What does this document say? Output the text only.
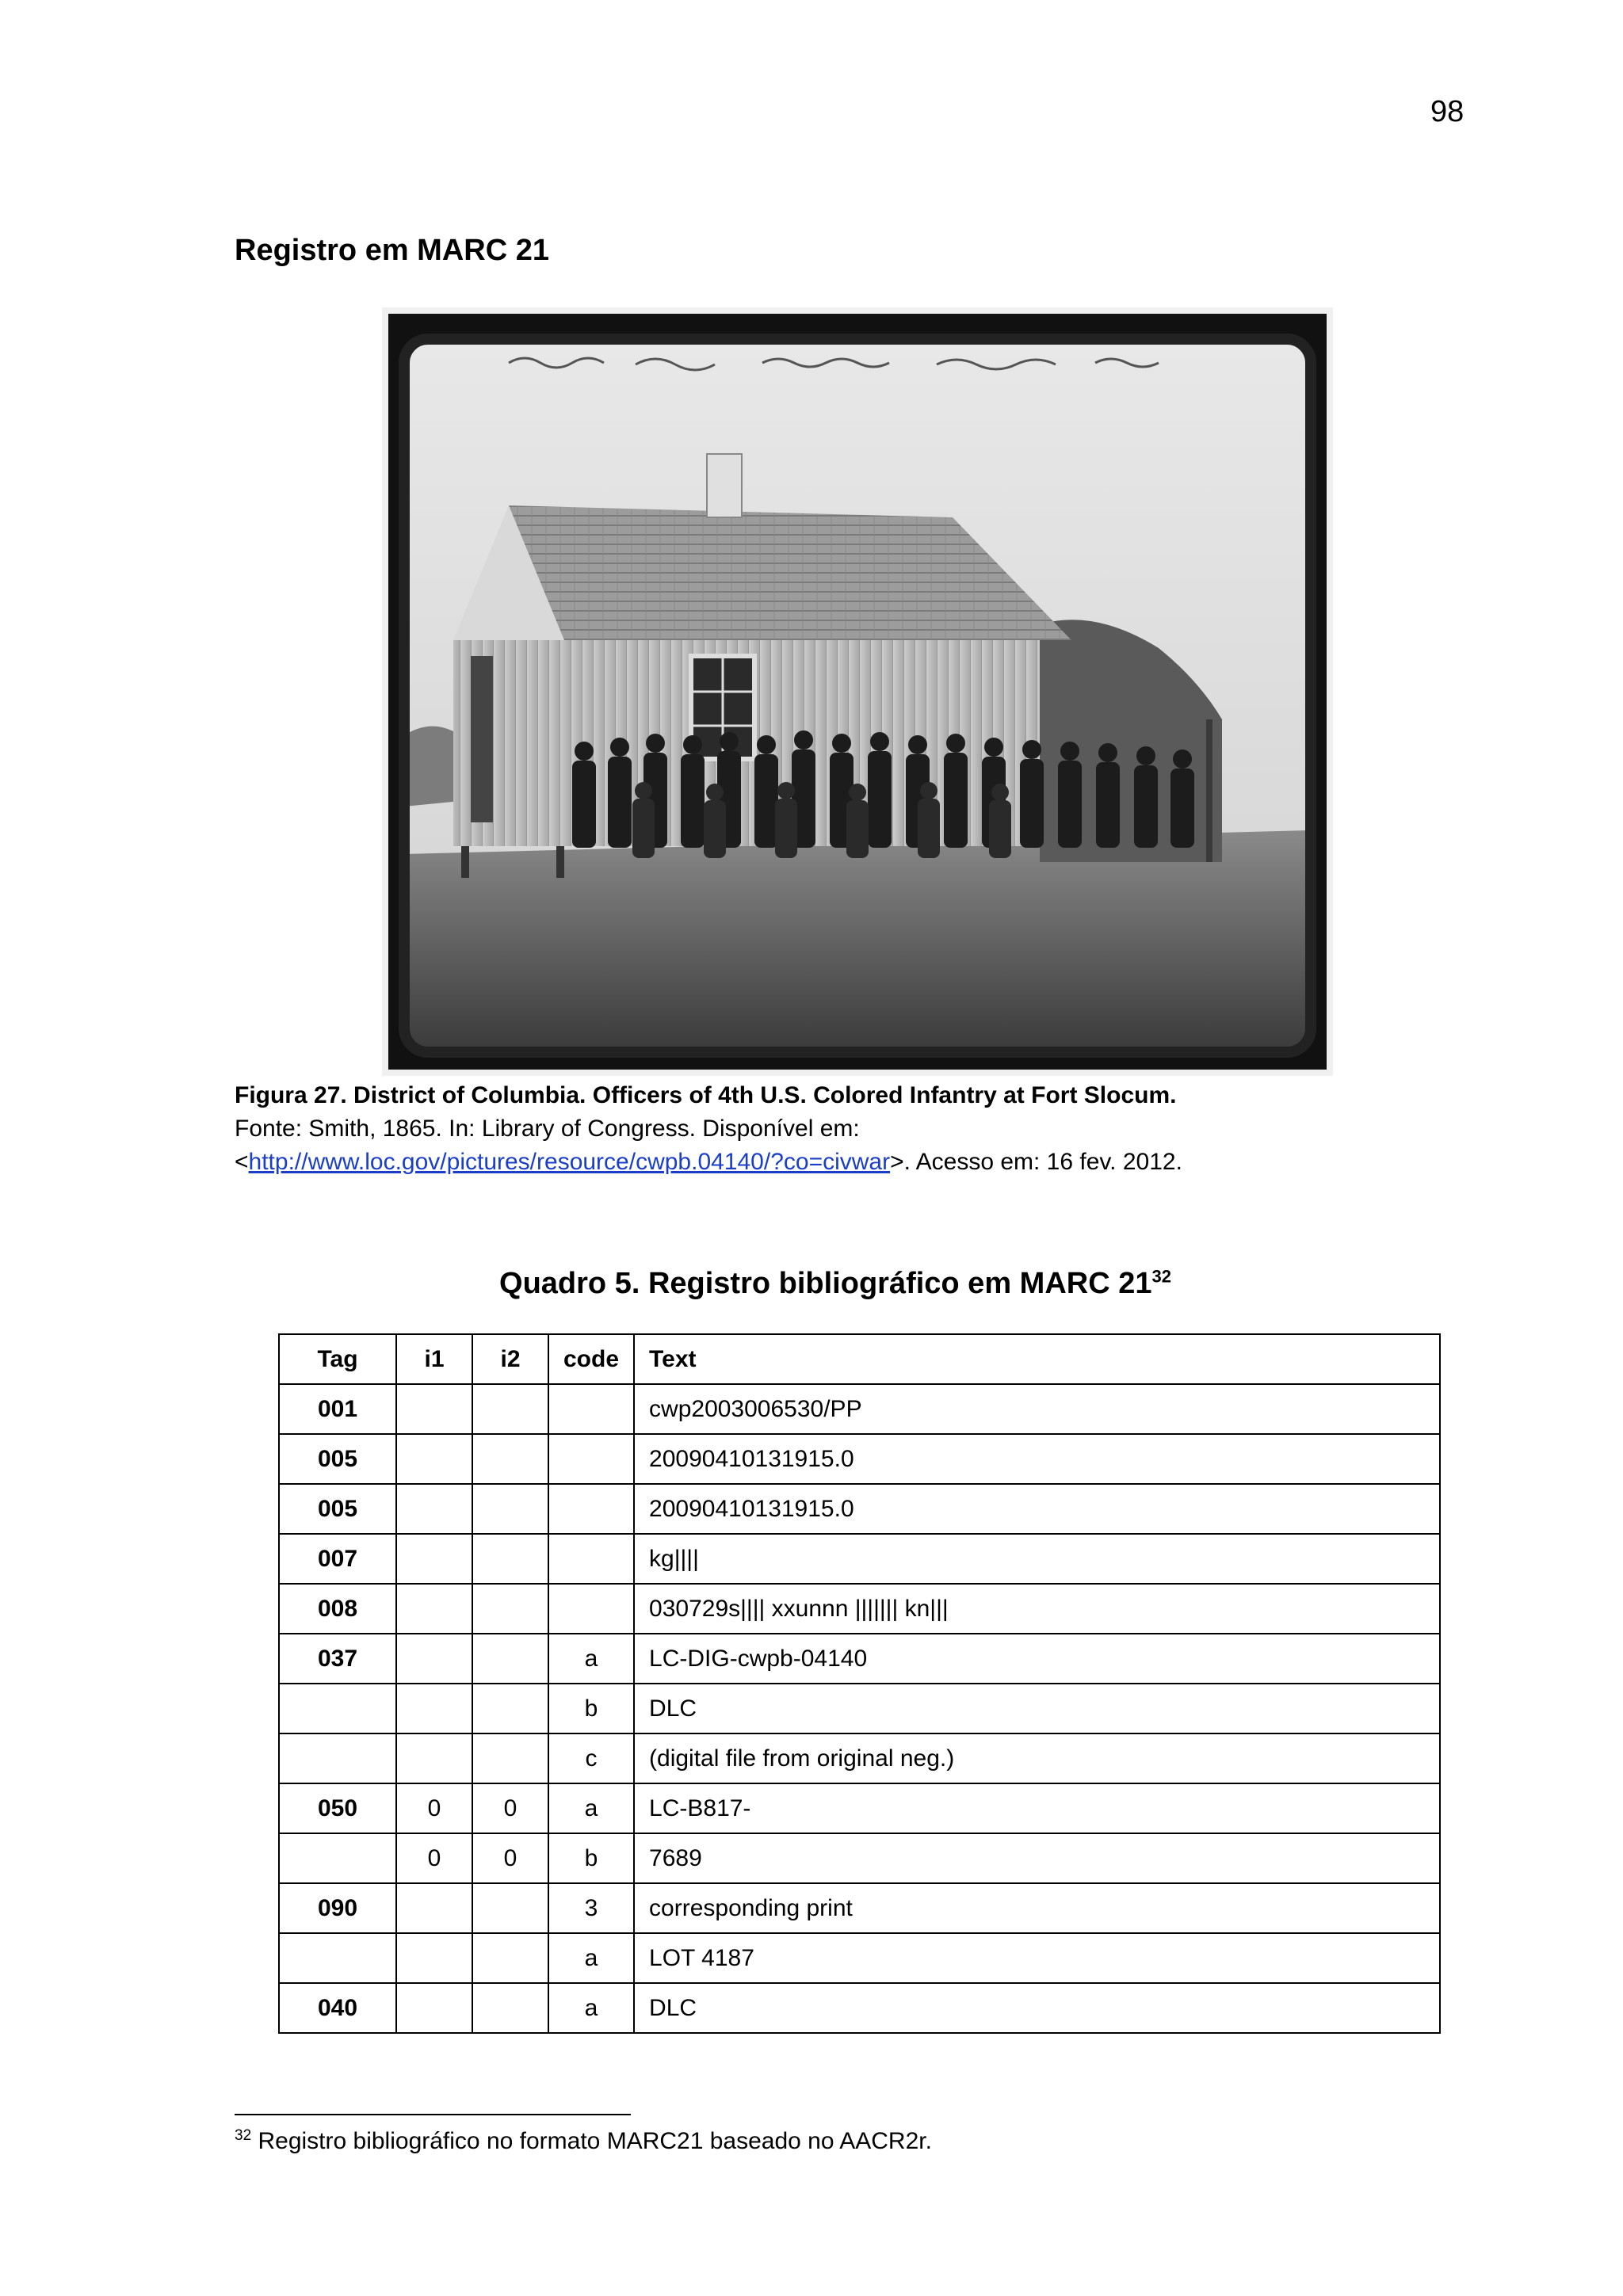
98
Registro em MARC 21
Figura 27. District of Columbia. Officers of 4th U.S. Colored Infantry at Fort Slocum.
Fonte: Smith, 1865. In: Library of Congress. Disponível em:
<http://www.loc.gov/pictures/resource/cwpb.04140/?co=civwar>. Acesso em: 16 fev. 2012.
Quadro 5. Registro bibliográfico em MARC $21^{32}$
Tag	i1	i2	code	Text
001				cwp2003006530/PP
005				20090410131915.0
005				20090410131915.0
007				kg||||
008				030729s|||| xxunnn ||||||| kn|||
037			a	LC-DIG-cwpb-04140
			b	DLC
			c	(digital file from original neg.)
050	0	0	a	LC-B817-
	0	0	b	7689
090			3	corresponding print
			a	LOT 4187
040			a	DLC
$^{32}$ Registro bibliográfico no formato MARC21 baseado no AACR2r.
